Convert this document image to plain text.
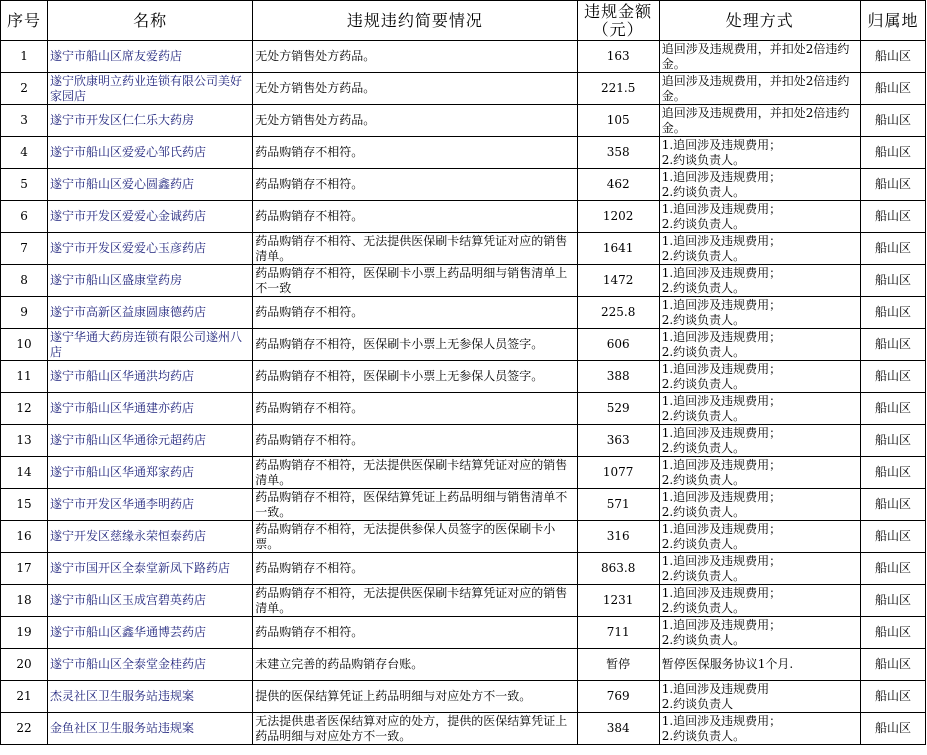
序号	名称	违规违约简要情况	违规金额（元）	处理方式	归属地
1	遂宁市船山区席友爱药店	无处方销售处方药品。	163	追回涉及违规费用，并扣处2倍违约金。	船山区
2	遂宁欣康明立药业连锁有限公司美好家园店	无处方销售处方药品。	221.5	追回涉及违规费用，并扣处2倍违约金。	船山区
3	遂宁市开发区仁仁乐大药房	无处方销售处方药品。	105	追回涉及违规费用，并扣处2倍违约金。	船山区
4	遂宁市船山区爱爱心邹氏药店	药品购销存不相符。	358	1.追回涉及违规费用；
2.约谈负责人。	船山区
5	遂宁市船山区爱心圆鑫药店	药品购销存不相符。	462	1.追回涉及违规费用；
2.约谈负责人。	船山区
6	遂宁市开发区爱爱心金诚药店	药品购销存不相符。	1202	1.追回涉及违规费用；
2.约谈负责人。	船山区
7	遂宁市开发区爱爱心玉彦药店	药品购销存不相符、无法提供医保刷卡结算凭证对应的销售清单。	1641	1.追回涉及违规费用；
2.约谈负责人。	船山区
8	遂宁市船山区盛康堂药房	药品购销存不相符，医保刷卡小票上药品明细与销售清单上不一致	1472	1.追回涉及违规费用；
2.约谈负责人。	船山区
9	遂宁市高新区益康圆康德药店	药品购销存不相符。	225.8	1.追回涉及违规费用；
2.约谈负责人。	船山区
10	遂宁华通大药房连锁有限公司遂州八店	药品购销存不相符，医保刷卡小票上无参保人员签字。	606	1.追回涉及违规费用；
2.约谈负责人。	船山区
11	遂宁市船山区华通洪均药店	药品购销存不相符，医保刷卡小票上无参保人员签字。	388	1.追回涉及违规费用；
2.约谈负责人。	船山区
12	遂宁市船山区华通建亦药店	药品购销存不相符。	529	1.追回涉及违规费用；
2.约谈负责人。	船山区
13	遂宁市船山区华通徐元超药店	药品购销存不相符。	363	1.追回涉及违规费用；
2.约谈负责人。	船山区
14	遂宁市船山区华通郑家药店	药品购销存不相符，无法提供医保刷卡结算凭证对应的销售清单。	1077	1.追回涉及违规费用；
2.约谈负责人。	船山区
15	遂宁市开发区华通李明药店	药品购销存不相符，医保结算凭证上药品明细与销售清单不一致。	571	1.追回涉及违规费用；
2.约谈负责人。	船山区
16	遂宁开发区慈缘永荣恒泰药店	药品购销存不相符，无法提供参保人员签字的医保刷卡小票。	316	1.追回涉及违规费用；
2.约谈负责人。	船山区
17	遂宁市国开区全泰堂新凤下路药店	药品购销存不相符。	863.8	1.追回涉及违规费用；
2.约谈负责人。	船山区
18	遂宁市船山区玉成宫碧英药店	药品购销存不相符，无法提供医保刷卡结算凭证对应的销售清单。	1231	1.追回涉及违规费用；
2.约谈负责人。	船山区
19	遂宁市船山区鑫华通博芸药店	药品购销存不相符。	711	1.追回涉及违规费用；
2.约谈负责人。	船山区
20	遂宁市船山区全泰堂金桂药店	未建立完善的药品购销存台账。	暂停	暂停医保服务协议1个月.	船山区
21	杰灵社区卫生服务站违规案	提供的医保结算凭证上药品明细与对应处方不一致。	769	1.追回涉及违规费用
2.约谈负责人	船山区
22	金鱼社区卫生服务站违规案	无法提供患者医保结算对应的处方，提供的医保结算凭证上药品明细与对应处方不一致。	384	1.追回涉及违规费用；
2.约谈负责人。	船山区
